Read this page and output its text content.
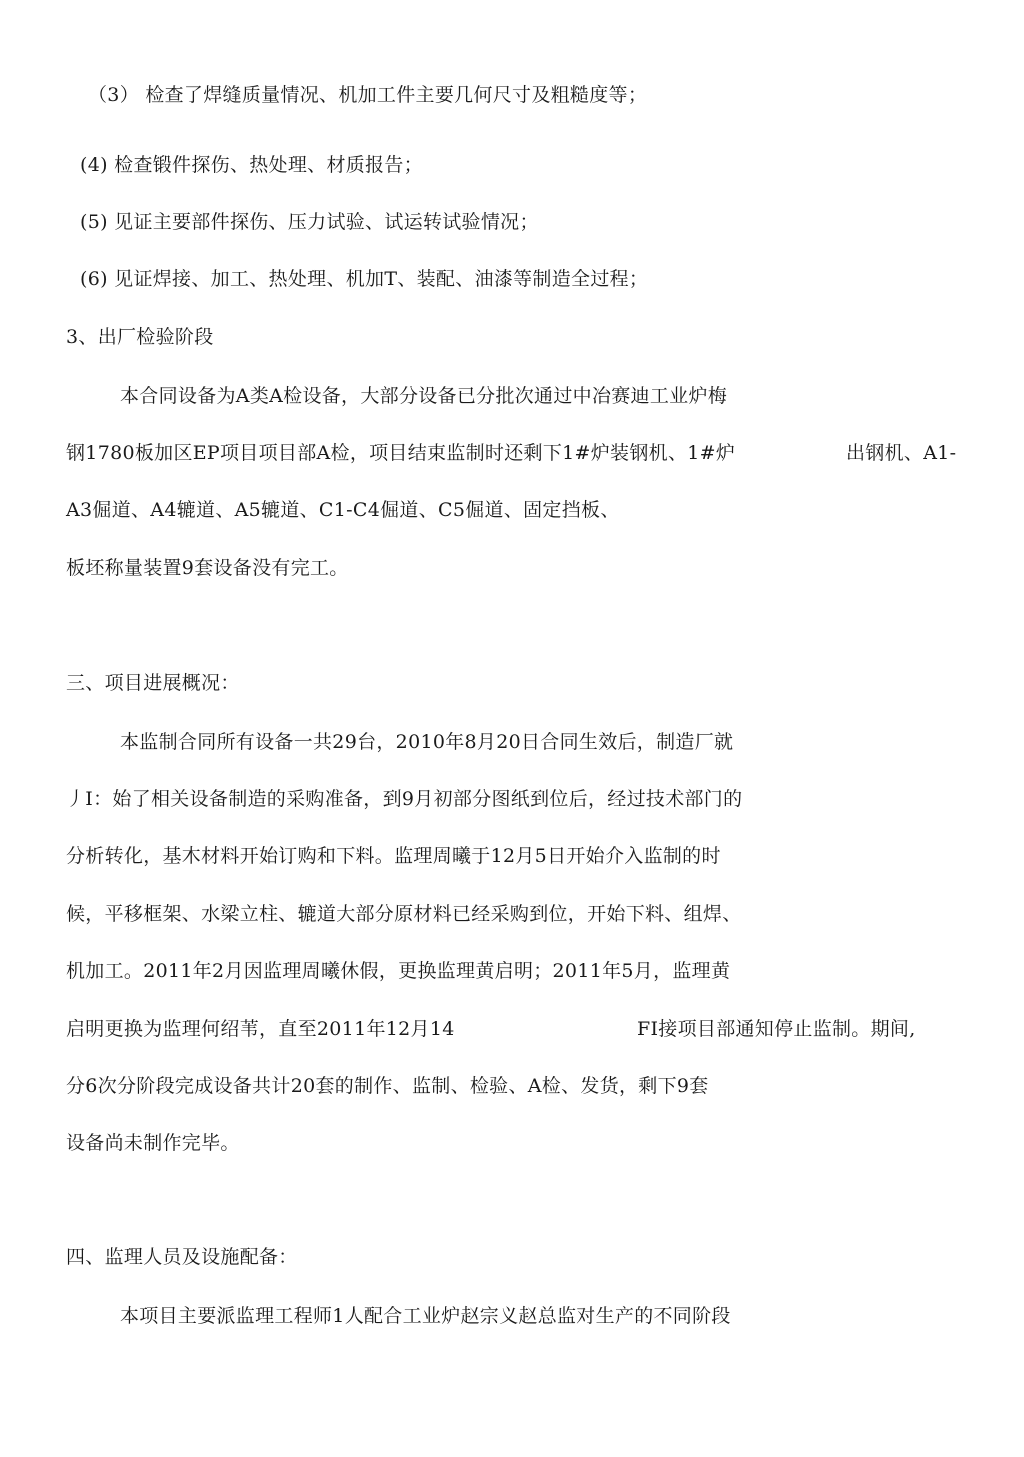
（3） 检查了焊缝质量情况、机加工件主要几何尺寸及粗糙度等；
(4) 检查锻件探伤、热处理、材质报告；
(5) 见证主要部件探伤、压力试验、试运转试验情况；
(6) 见证焊接、加工、热处理、机加T、装配、油漆等制造全过程；
3、出厂检验阶段
本合同设备为A类A检设备，大部分设备已分批次通过中冶赛迪工业炉梅
钢1780板加区EP项目项目部A检，项目结束监制时还剩下1#炉装钢机、1#炉	出钢机、A1-
A3倔道、A4辘道、A5辘道、C1-C4倔道、C5倔道、固定挡板、
板坯称量装置9套设备没有完工。
三、项目进展概况：
本监制合同所有设备一共29台，2010年8月20日合同生效后，制造厂就
丿I：始了相关设备制造的采购准备，到9月初部分图纸到位后，经过技术部门的
分析转化，基木材料开始订购和下料。监理周曦于12月5日开始介入监制的时
候，平移框架、水梁立柱、辘道大部分原材料已经采购到位，开始下料、组焊、
机加工。2011年2月因监理周曦休假，更换监理黄启明；2011年5月，监理黄
启明更换为监理何绍苇，直至2011年12月14	FI接项目部通知停止监制。期间,
分6次分阶段完成设备共计20套的制作、监制、检验、A检、发货，剩下9套
设备尚未制作完毕。
四、监理人员及设施配备：
本项目主要派监理工程师1人配合工业炉赵宗义赵总监对生产的不同阶段
